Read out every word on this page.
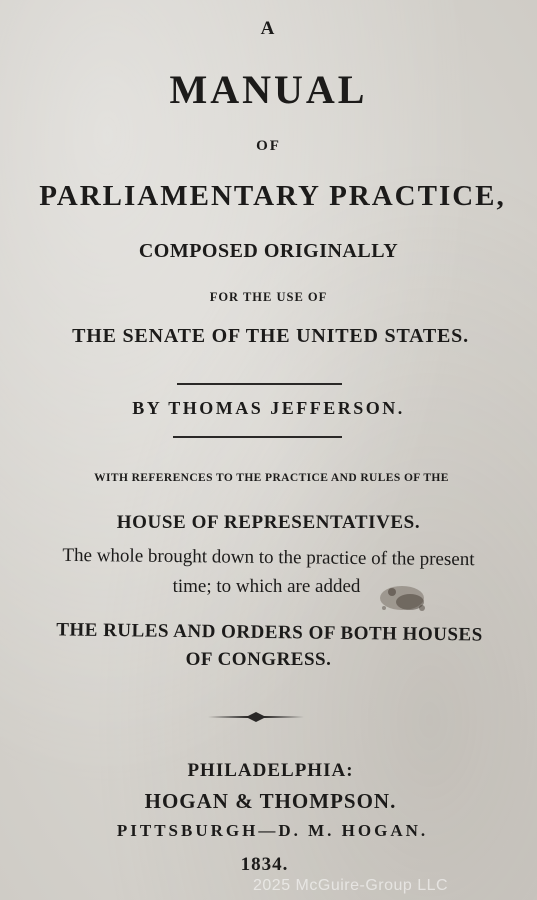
A
MANUAL
OF
PARLIAMENTARY PRACTICE,
COMPOSED ORIGINALLY
FOR THE USE OF
THE SENATE OF THE UNITED STATES.
BY THOMAS JEFFERSON.
WITH REFERENCES TO THE PRACTICE AND RULES OF THE
HOUSE OF REPRESENTATIVES.
The whole brought down to the practice of the present
time; to which are added
THE RULES AND ORDERS OF BOTH HOUSES
OF CONGRESS.
PHILADELPHIA:
HOGAN & THOMPSON.
PITTSBURGH—D. M. HOGAN.
1834.
2025 McGuire-Group LLC
